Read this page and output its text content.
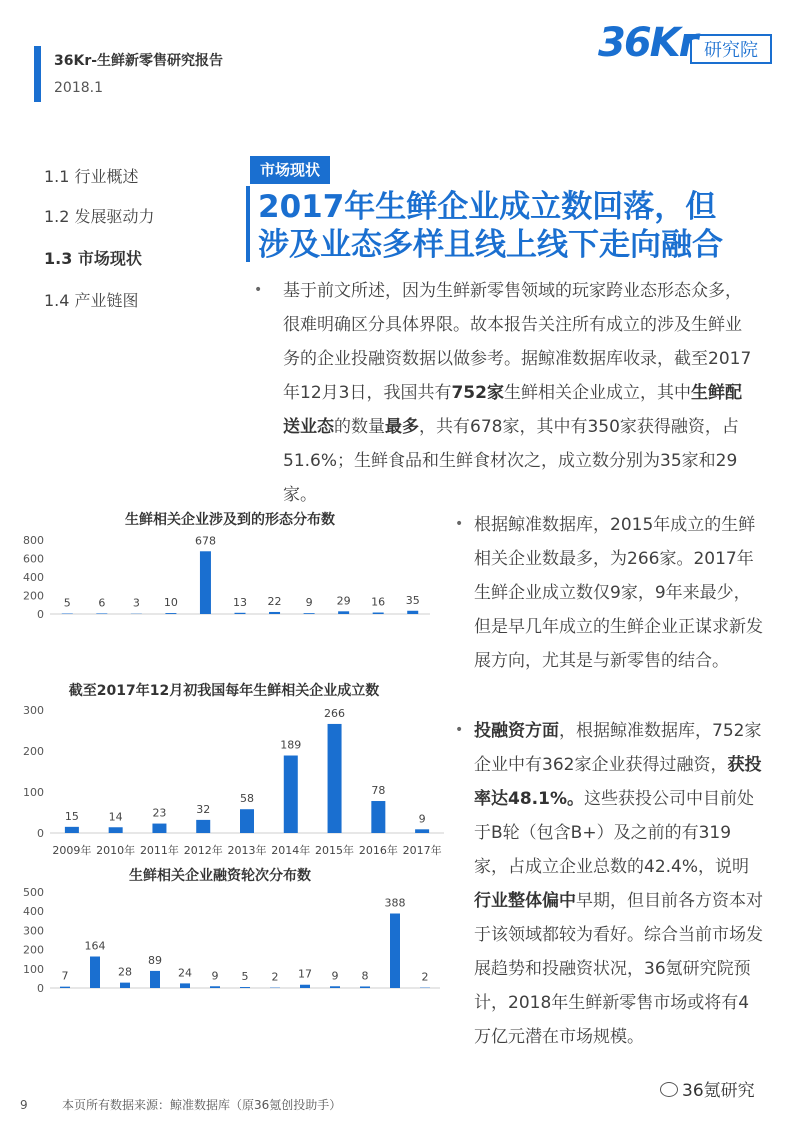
36Kr-生鲜新零售研究报告
2018.1
36Kr 研究院
1.1 行业概述
1.2 发展驱动力
1.3 市场现状
1.4 产业链图
市场现状
2017年生鲜企业成立数回落，但
涉及业态多样且线上线下走向融合
• 基于前文所述，因为生鲜新零售领域的玩家跨业态形态众多，很难明确区分具体界限。故本报告关注所有成立的涉及生鲜业务的企业投融资数据以做参考。据鲸准数据库收录，截至2017年12月3日，我国共有752家生鲜相关企业成立，其中生鲜配送业态的数量最多，共有678家，其中有350家获得融资，占51.6%；生鲜食品和生鲜食材次之，成立数分别为35家和29家。
• 根据鲸准数据库，2015年成立的生鲜相关企业数最多，为266家。2017年生鲜企业成立数仅9家，9年来最少，但是早几年成立的生鲜企业正谋求新发展方向，尤其是与新零售的结合。
• 投融资方面，根据鲸准数据库，752家企业中有362家企业获得过融资，获投率达48.1%。这些获投公司中目前处于B轮（包含B+）及之前的有319家，占成立企业总数的42.4%，说明行业整体偏中早期，但目前各方资本对于该领域都较为看好。综合当前市场发展趋势和投融资状况，36氪研究院预计，2018年生鲜新零售市场或将有4万亿元潜在市场规模。
生鲜相关企业涉及到的形态分布数
0
200
400
600
800
5	6	3 10
678
13 22 9 29 16 35
截至2017年12月初我国每年生鲜相关企业成立数
0
100
200
300
15
2009年
14
2010年
23
2011年
32
2012年
58
2013年
189
2014年
266
2015年
78
2016年
9
2017年
生鲜相关企业融资轮次分布数
0
100
200
300
400
500
7
164
28
89
24 9 5 2 17 9 8
388
2
9	本页所有数据来源：鲸准数据库（原36氪创投助手）
36氪研究
